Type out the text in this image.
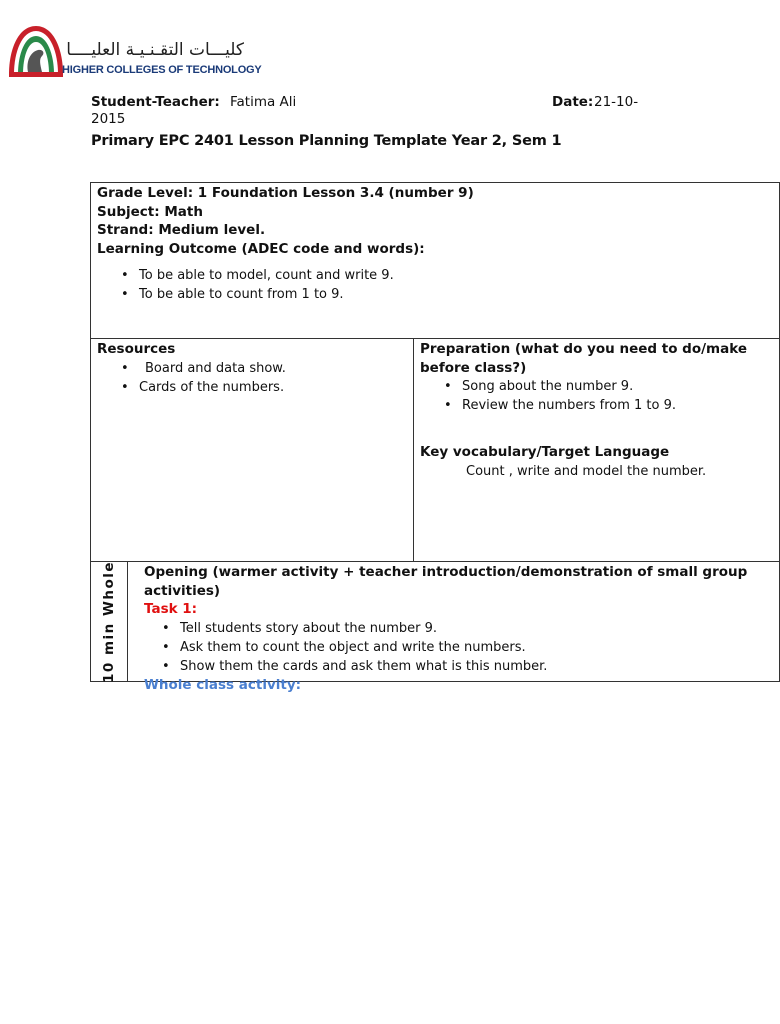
كليـــات التقـنـيـة العليــــا
HIGHER COLLEGES OF TECHNOLOGY
Student-Teacher: Fatima Ali	Date: 21-10-
2015
Primary EPC 2401 Lesson Planning Template Year 2, Sem 1
Grade Level: 1 Foundation Lesson 3.4 (number 9)
Subject: Math
Strand: Medium level.
Learning Outcome (ADEC code and words):
• To be able to model, count and write 9.
• To be able to count from 1 to 9.
Resources
• Board and data show.
• Cards of the numbers.
Preparation (what do you need to do/make before class?)
• Song about the number 9.
• Review the numbers from 1 to 9.
Key vocabulary/Target Language
Count , write and model the number.
10 min Whole Opening (warmer activity + teacher introduction/demonstration of small group activities)
Task 1:
• Tell students story about the number 9.
• Ask them to count the object and write the numbers.
• Show them the cards and ask them what is this number.
Whole class activity:
